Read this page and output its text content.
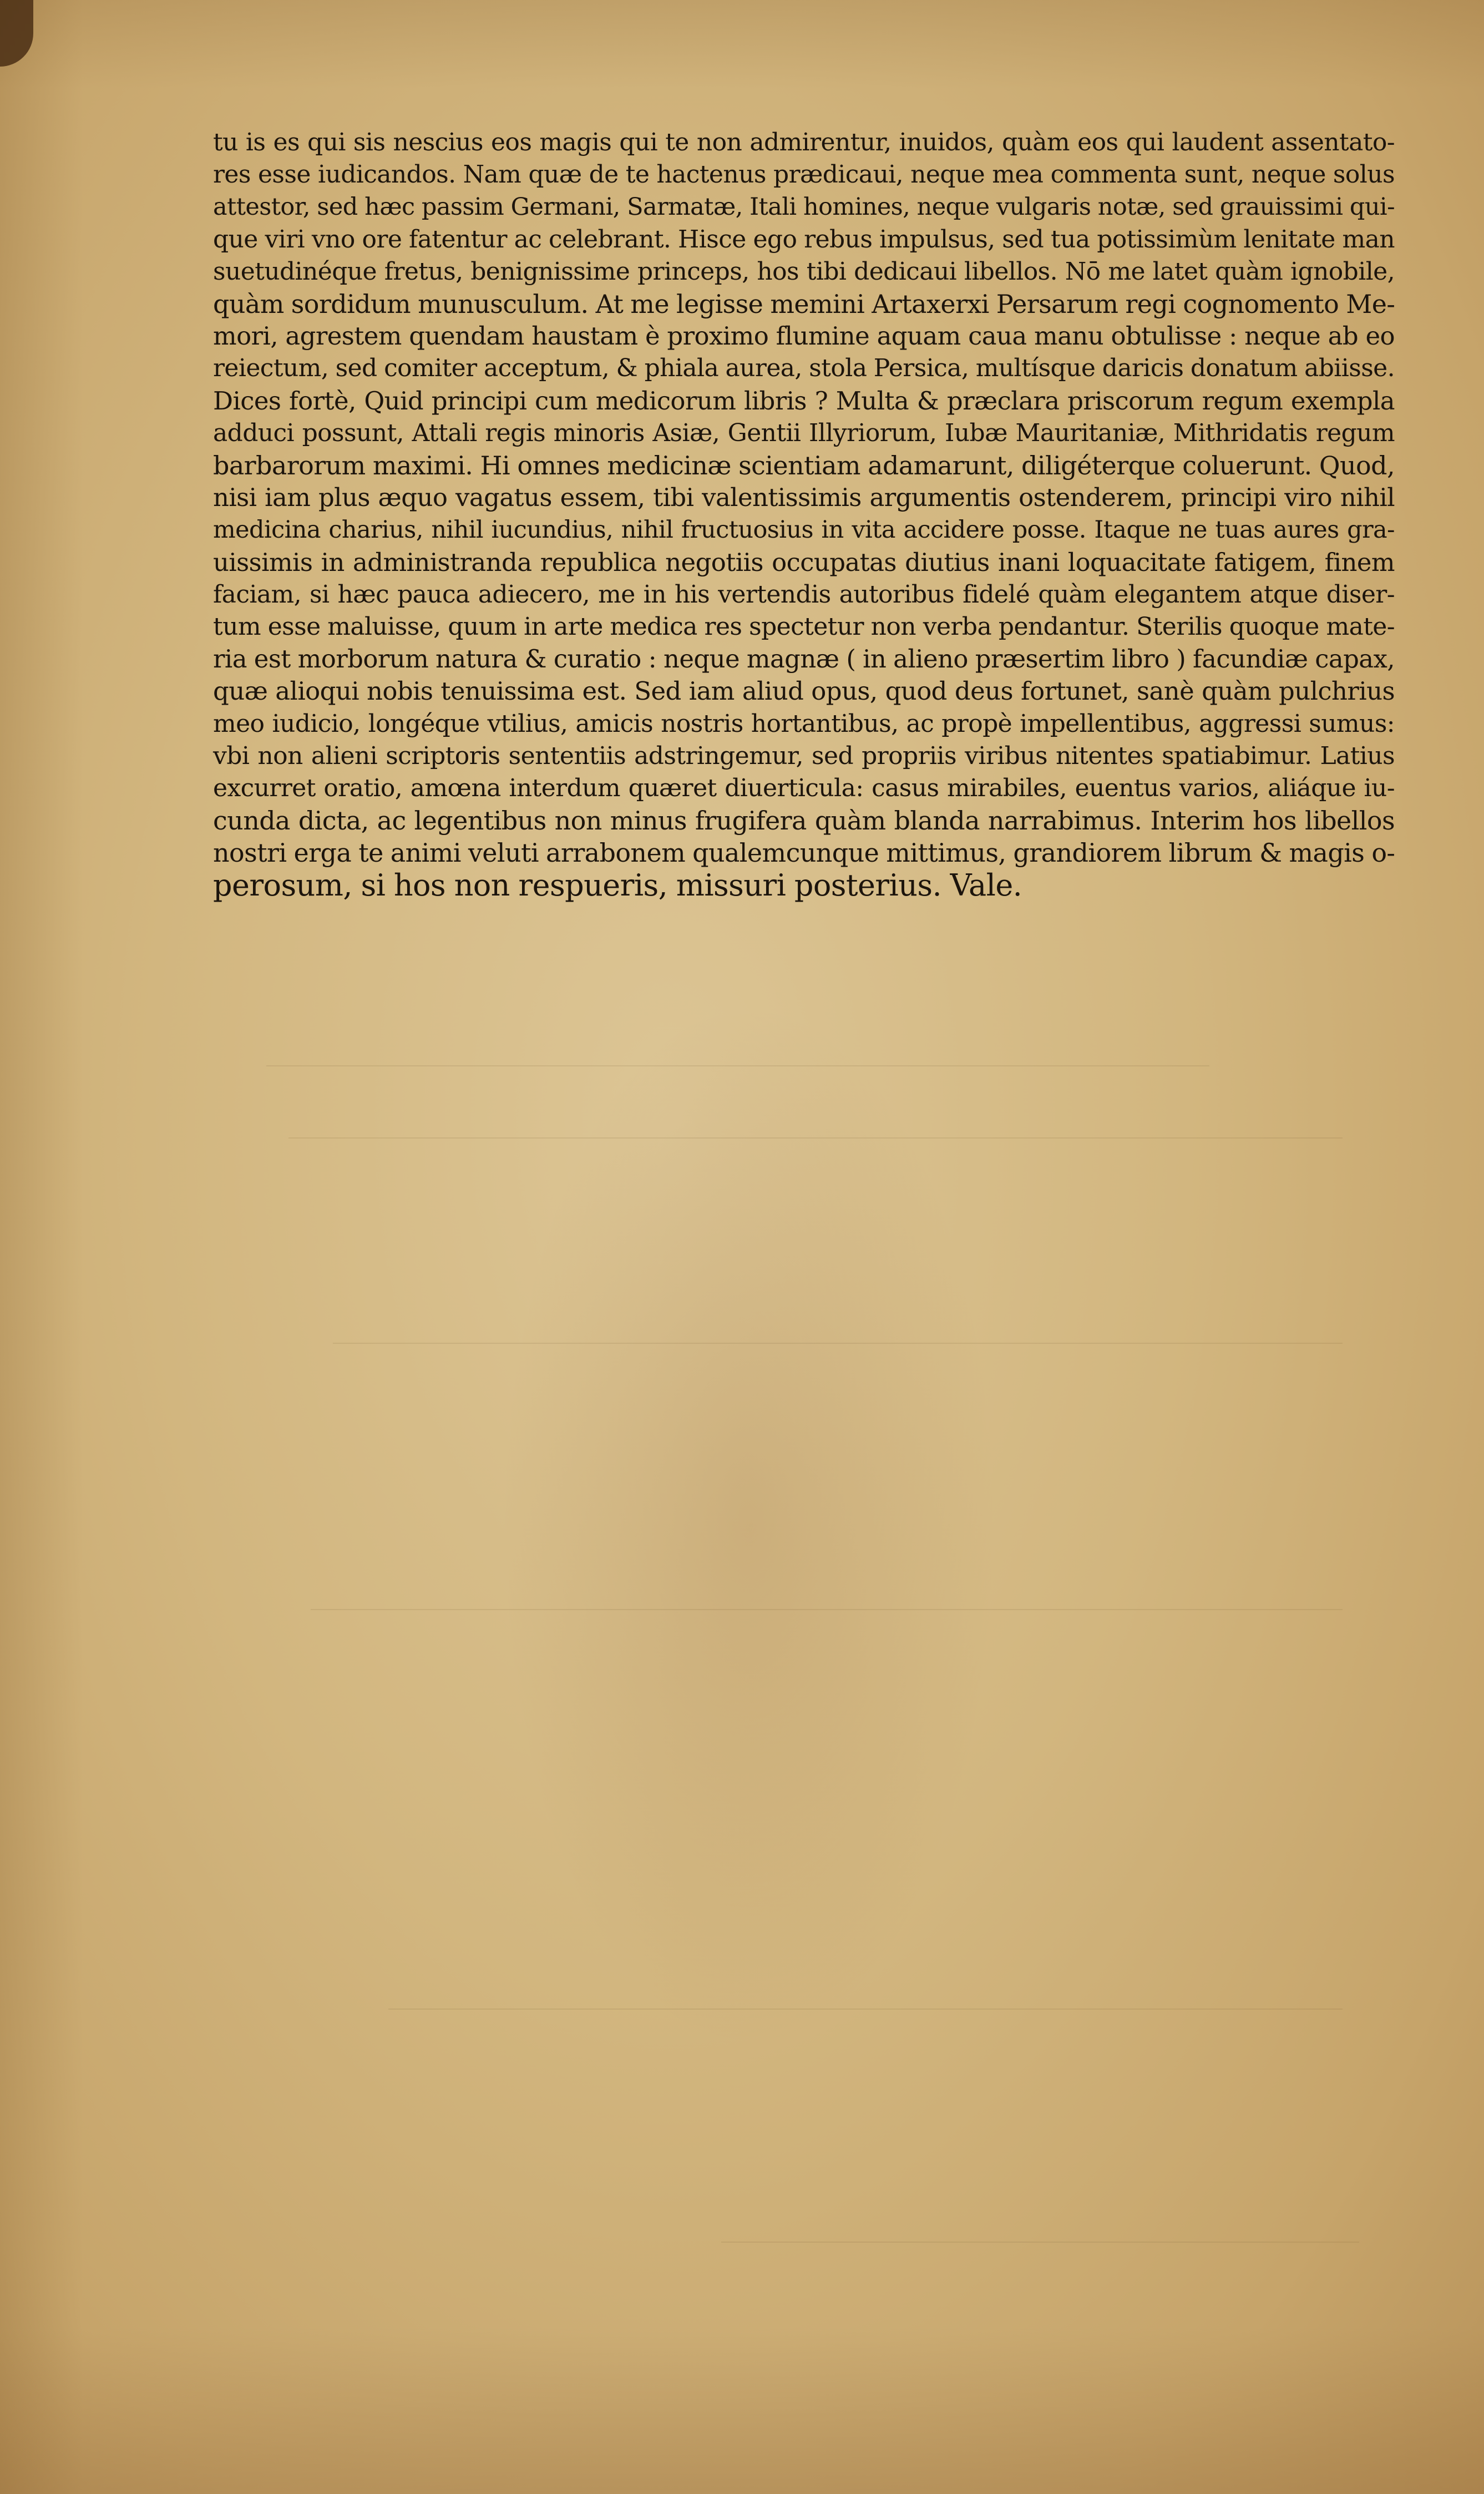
tu is es qui sis nescius eos magis qui te non admirentur, inuidos, quàm eos qui laudent assentato-
res esse iudicandos. Nam quæ de te hactenus prædicaui, neque mea commenta sunt, neque solus
attestor, sed hæc passim Germani, Sarmatæ, Itali homines, neque vulgaris notæ, sed grauissimi qui-
que viri vno ore fatentur ac celebrant. Hisce ego rebus impulsus, sed tua potissimùm lenitate man
suetudinéque fretus, benignissime princeps, hos tibi dedicaui libellos. Nō me latet quàm ignobile,
quàm sordidum munusculum. At me legisse memini Artaxerxi Persarum regi cognomento Me-
mori, agrestem quendam haustam è proximo flumine aquam caua manu obtulisse : neque ab eo
reiectum, sed comiter acceptum, & phiala aurea, stola Persica, multísque daricis donatum abiisse.
Dices fortè, Quid principi cum medicorum libris ? Multa & præclara priscorum regum exempla
adduci possunt, Attali regis minoris Asiæ, Gentii Illyriorum, Iubæ Mauritaniæ, Mithridatis regum
barbarorum maximi. Hi omnes medicinæ scientiam adamarunt, diligéterque coluerunt. Quod,
nisi iam plus æquo vagatus essem, tibi valentissimis argumentis ostenderem, principi viro nihil
medicina charius, nihil iucundius, nihil fructuosius in vita accidere posse. Itaque ne tuas aures gra-
uissimis in administranda republica negotiis occupatas diutius inani loquacitate fatigem, finem
faciam, si hæc pauca adiecero, me in his vertendis autoribus fidelé quàm elegantem atque diser-
tum esse maluisse, quum in arte medica res spectetur non verba pendantur. Sterilis quoque mate-
ria est morborum natura & curatio : neque magnæ ( in alieno præsertim libro ) facundiæ capax,
quæ alioqui nobis tenuissima est. Sed iam aliud opus, quod deus fortunet, sanè quàm pulchrius
meo iudicio, longéque vtilius, amicis nostris hortantibus, ac propè impellentibus, aggressi sumus:
vbi non alieni scriptoris sententiis adstringemur, sed propriis viribus nitentes spatiabimur. Latius
excurret oratio, amœna interdum quæret diuerticula: casus mirabiles, euentus varios, aliáque iu-
cunda dicta, ac legentibus non minus frugifera quàm blanda narrabimus. Interim hos libellos
nostri erga te animi veluti arrabonem qualemcunque mittimus, grandiorem librum & magis o-
perosum, si hos non respueris, missuri posterius. Vale.
